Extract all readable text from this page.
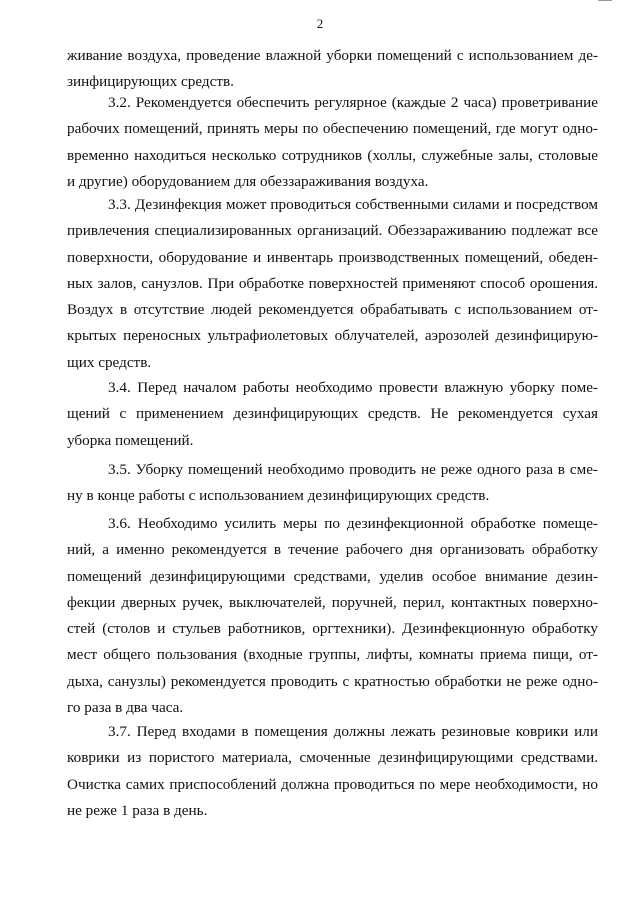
2
живание воздуха, проведение влажной уборки помещений с использованием де-
зинфицирующих средств.
3.2. Рекомендуется обеспечить регулярное (каждые 2 часа) проветривание
рабочих помещений, принять меры по обеспечению помещений, где могут одно-
временно находиться несколько сотрудников (холлы, служебные залы, столовые
и другие) оборудованием для обеззараживания воздуха.
3.3. Дезинфекция может проводиться собственными силами и посредством
привлечения специализированных организаций. Обеззараживанию подлежат все
поверхности, оборудование и инвентарь производственных помещений, обеден-
ных залов, санузлов. При обработке поверхностей применяют способ орошения.
Воздух в отсутствие людей рекомендуется обрабатывать с использованием от-
крытых переносных ультрафиолетовых облучателей, аэрозолей дезинфицирую-
щих средств.
3.4. Перед началом работы необходимо провести влажную уборку поме-
щений с применением дезинфицирующих средств. Не рекомендуется сухая
уборка помещений.
3.5. Уборку помещений необходимо проводить не реже одного раза в сме-
ну в конце работы с использованием дезинфицирующих средств.
3.6. Необходимо усилить меры по дезинфекционной обработке помеще-
ний, а именно рекомендуется в течение рабочего дня организовать обработку
помещений дезинфицирующими средствами, уделив особое внимание дезин-
фекции дверных ручек, выключателей, поручней, перил, контактных поверхно-
стей (столов и стульев работников, оргтехники). Дезинфекционную обработку
мест общего пользования (входные группы, лифты, комнаты приема пищи, от-
дыха, санузлы) рекомендуется проводить с кратностью обработки не реже одно-
го раза в два часа.
3.7. Перед входами в помещения должны лежать резиновые коврики или
коврики из пористого материала, смоченные дезинфицирующими средствами.
Очистка самих приспособлений должна проводиться по мере необходимости, но
не реже 1 раза в день.
